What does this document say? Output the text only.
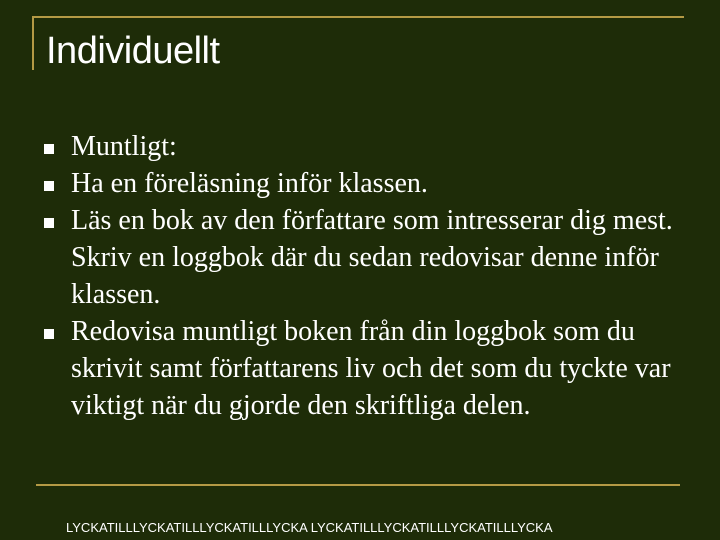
Individuellt
Muntligt:
Ha en föreläsning inför klassen.
Läs en bok av den författare som intresserar dig mest. Skriv en loggbok där du sedan redovisar denne inför klassen.
Redovisa muntligt boken från din loggbok som du skrivit samt författarens liv och det som du tyckte var viktigt när du gjorde den skriftliga delen.
LYCKATILLLYCKATILLLYCKATILLLYCKA LYCKATILLLYCKATILLLYCKATILLLYCKA
